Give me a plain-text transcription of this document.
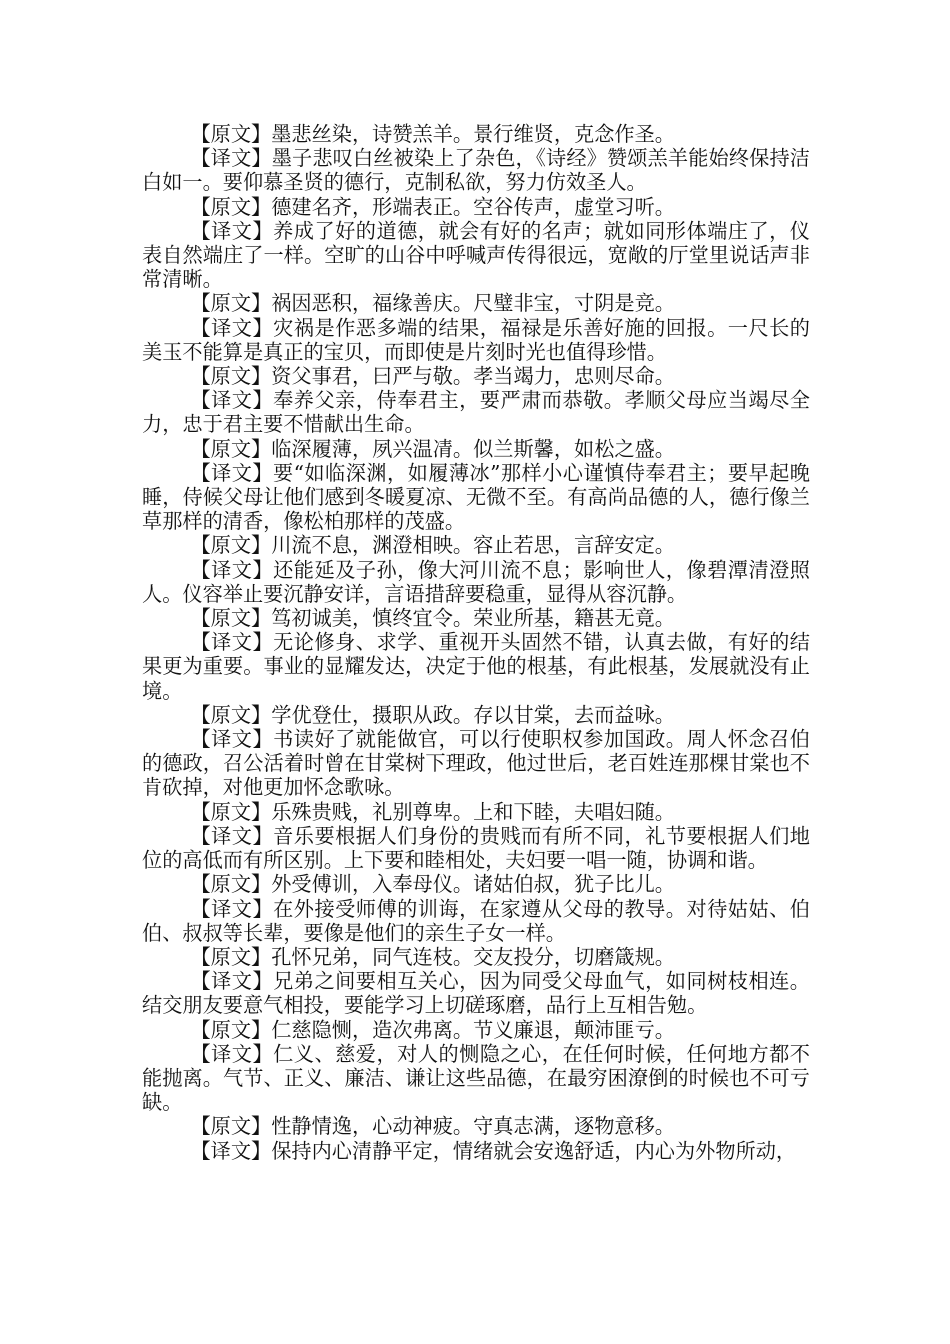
【原文】墨悲丝染，诗赞羔羊。景行维贤，克念作圣。

【译文】墨子悲叹白丝被染上了杂色，《诗经》赞颂羔羊能始终保持洁白如一。要仰慕圣贤的德行，克制私欲，努力仿效圣人。

【原文】德建名齐，形端表正。空谷传声，虚堂习听。

【译文】养成了好的道德，就会有好的名声；就如同形体端庄了，仪表自然端庄了一样。空旷的山谷中呼喊声传得很远，宽敞的厅堂里说话声非常清晰。

【原文】祸因恶积，福缘善庆。尺璧非宝，寸阴是竞。

【译文】灾祸是作恶多端的结果，福禄是乐善好施的回报。一尺长的美玉不能算是真正的宝贝，而即使是片刻时光也值得珍惜。

【原文】资父事君，曰严与敬。孝当竭力，忠则尽命。

【译文】奉养父亲，侍奉君主，要严肃而恭敬。孝顺父母应当竭尽全力，忠于君主要不惜献出生命。

【原文】临深履薄，夙兴温凊。似兰斯馨，如松之盛。

【译文】要“如临深渊，如履薄冰”那样小心谨慎侍奉君主；要早起晚睡，侍候父母让他们感到冬暖夏凉、无微不至。有高尚品德的人，德行像兰草那样的清香，像松柏那样的茂盛。

【原文】川流不息，渊澄相映。容止若思，言辞安定。

【译文】还能延及子孙，像大河川流不息；影响世人，像碧潭清澄照人。仪容举止要沉静安详，言语措辞要稳重，显得从容沉静。

【原文】笃初诚美，慎终宜令。荣业所基，籍甚无竟。

【译文】无论修身、求学、重视开头固然不错，认真去做，有好的结果更为重要。事业的显耀发达，决定于他的根基，有此根基，发展就没有止境。

【原文】学优登仕，摄职从政。存以甘棠，去而益咏。

【译文】书读好了就能做官，可以行使职权参加国政。周人怀念召伯的德政，召公活着时曾在甘棠树下理政，他过世后，老百姓连那棵甘棠也不肯砍掉，对他更加怀念歌咏。

【原文】乐殊贵贱，礼别尊卑。上和下睦，夫唱妇随。

【译文】音乐要根据人们身份的贵贱而有所不同，礼节要根据人们地位的高低而有所区别。上下要和睦相处，夫妇要一唱一随，协调和谐。

【原文】外受傅训，入奉母仪。诸姑伯叔，犹子比儿。

【译文】在外接受师傅的训诲，在家遵从父母的教导。对待姑姑、伯伯、叔叔等长辈，要像是他们的亲生子女一样。

【原文】孔怀兄弟，同气连枝。交友投分，切磨箴规。

【译文】兄弟之间要相互关心，因为同受父母血气，如同树枝相连。结交朋友要意气相投，要能学习上切磋琢磨，品行上互相告勉。

【原文】仁慈隐恻，造次弗离。节义廉退，颠沛匪亏。

【译文】仁义、慈爱，对人的恻隐之心，在任何时候，任何地方都不能抛离。气节、正义、廉洁、谦让这些品德，在最穷困潦倒的时候也不可亏缺。

【原文】性静情逸，心动神疲。守真志满，逐物意移。

【译文】保持内心清静平定，情绪就会安逸舒适，内心为外物所动，
